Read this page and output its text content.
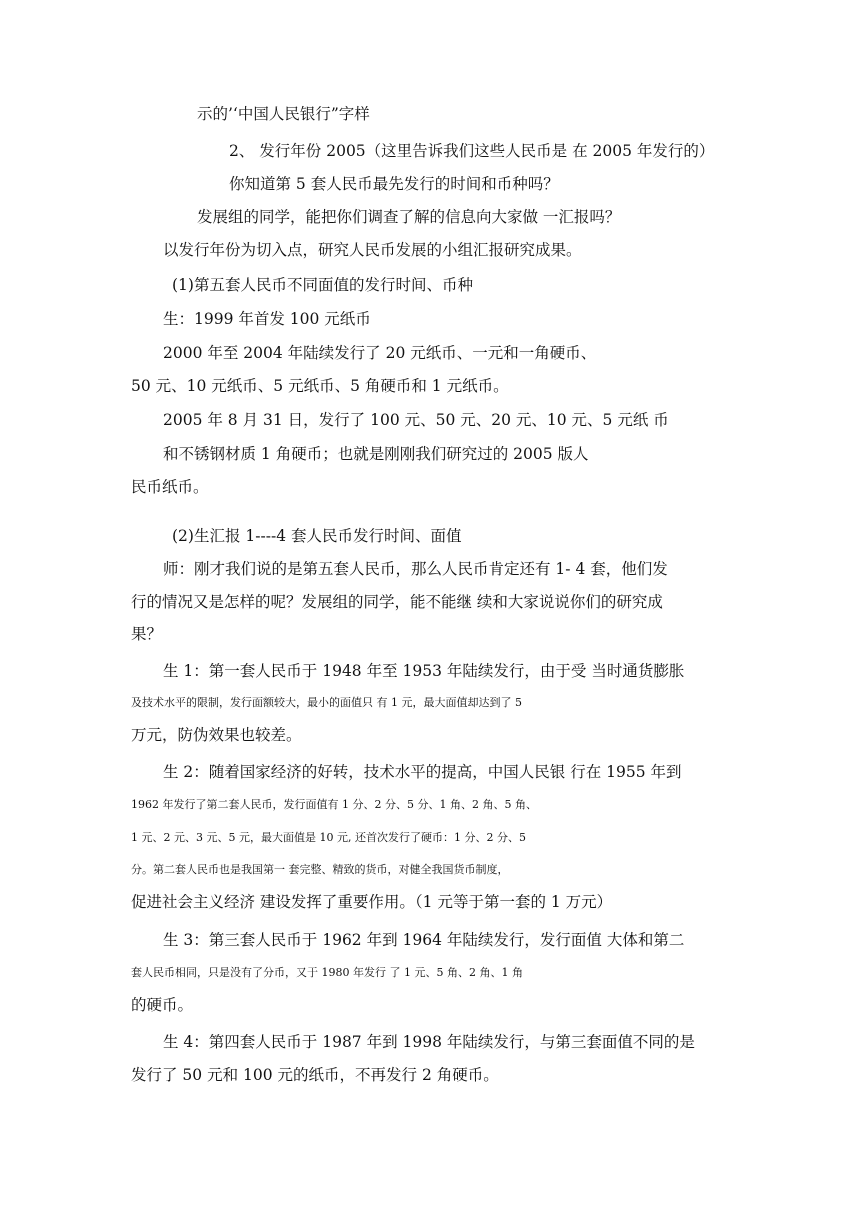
示的’‘中国人民银行”字样
2、 发行年份 2005（这里告诉我们这些人民币是 在 2005 年发行的）
你知道第 5 套人民币最先发行的时间和币种吗？
发展组的同学，能把你们调查了解的信息向大家做 一汇报吗？
以发行年份为切入点，研究人民币发展的小组汇报研究成果。
(1)第五套人民币不同面值的发行时间、币种
生：1999 年首发 100 元纸币
2000 年至 2004 年陆续发行了 20 元纸币、一元和一角硬币、
50 元、10 元纸币、5 元纸币、5 角硬币和 1 元纸币。
2005 年 8 月 31 日，发行了 100 元、50 元、20 元、10 元、5 元纸 币
和不锈钢材质 1 角硬币；也就是刚刚我们研究过的 2005 版人
民币纸币。
(2)生汇报 1----4 套人民币发行时间、面值
师：刚才我们说的是第五套人民币，那么人民币肯定还有 1- 4 套，他们发
行的情况又是怎样的呢？发展组的同学，能不能继 续和大家说说你们的研究成
果？
生 1：第一套人民币于 1948 年至 1953 年陆续发行，由于受 当时通货膨胀
及技术水平的限制，发行面额较大，最小的面值只 有 1 元，最大面值却达到了 5
万元，防伪效果也较差。
生 2：随着国家经济的好转，技术水平的提高，中国人民银 行在 1955 年到
1962 年发行了第二套人民币，发行面值有 1 分、2 分、5 分、1 角、2 角、5 角、
1 元、2 元、3 元、5 元，最大面值是 10 元, 还首次发行了硬币：1 分、2 分、5
分。第二套人民币也是我国第一 套完整、精致的货币，对健全我国货币制度，
促进社会主义经济 建设发挥了重要作用。（1 元等于第一套的 1 万元）
生 3：第三套人民币于 1962 年到 1964 年陆续发行，发行面值 大体和第二
套人民币相同，只是没有了分币，又于 1980 年发行 了 1 元、5 角、2 角、1 角
的硬币。
生 4：第四套人民币于 1987 年到 1998 年陆续发行，与第三套面值不同的是
发行了 50 元和 100 元的纸币，不再发行 2 角硬币。
